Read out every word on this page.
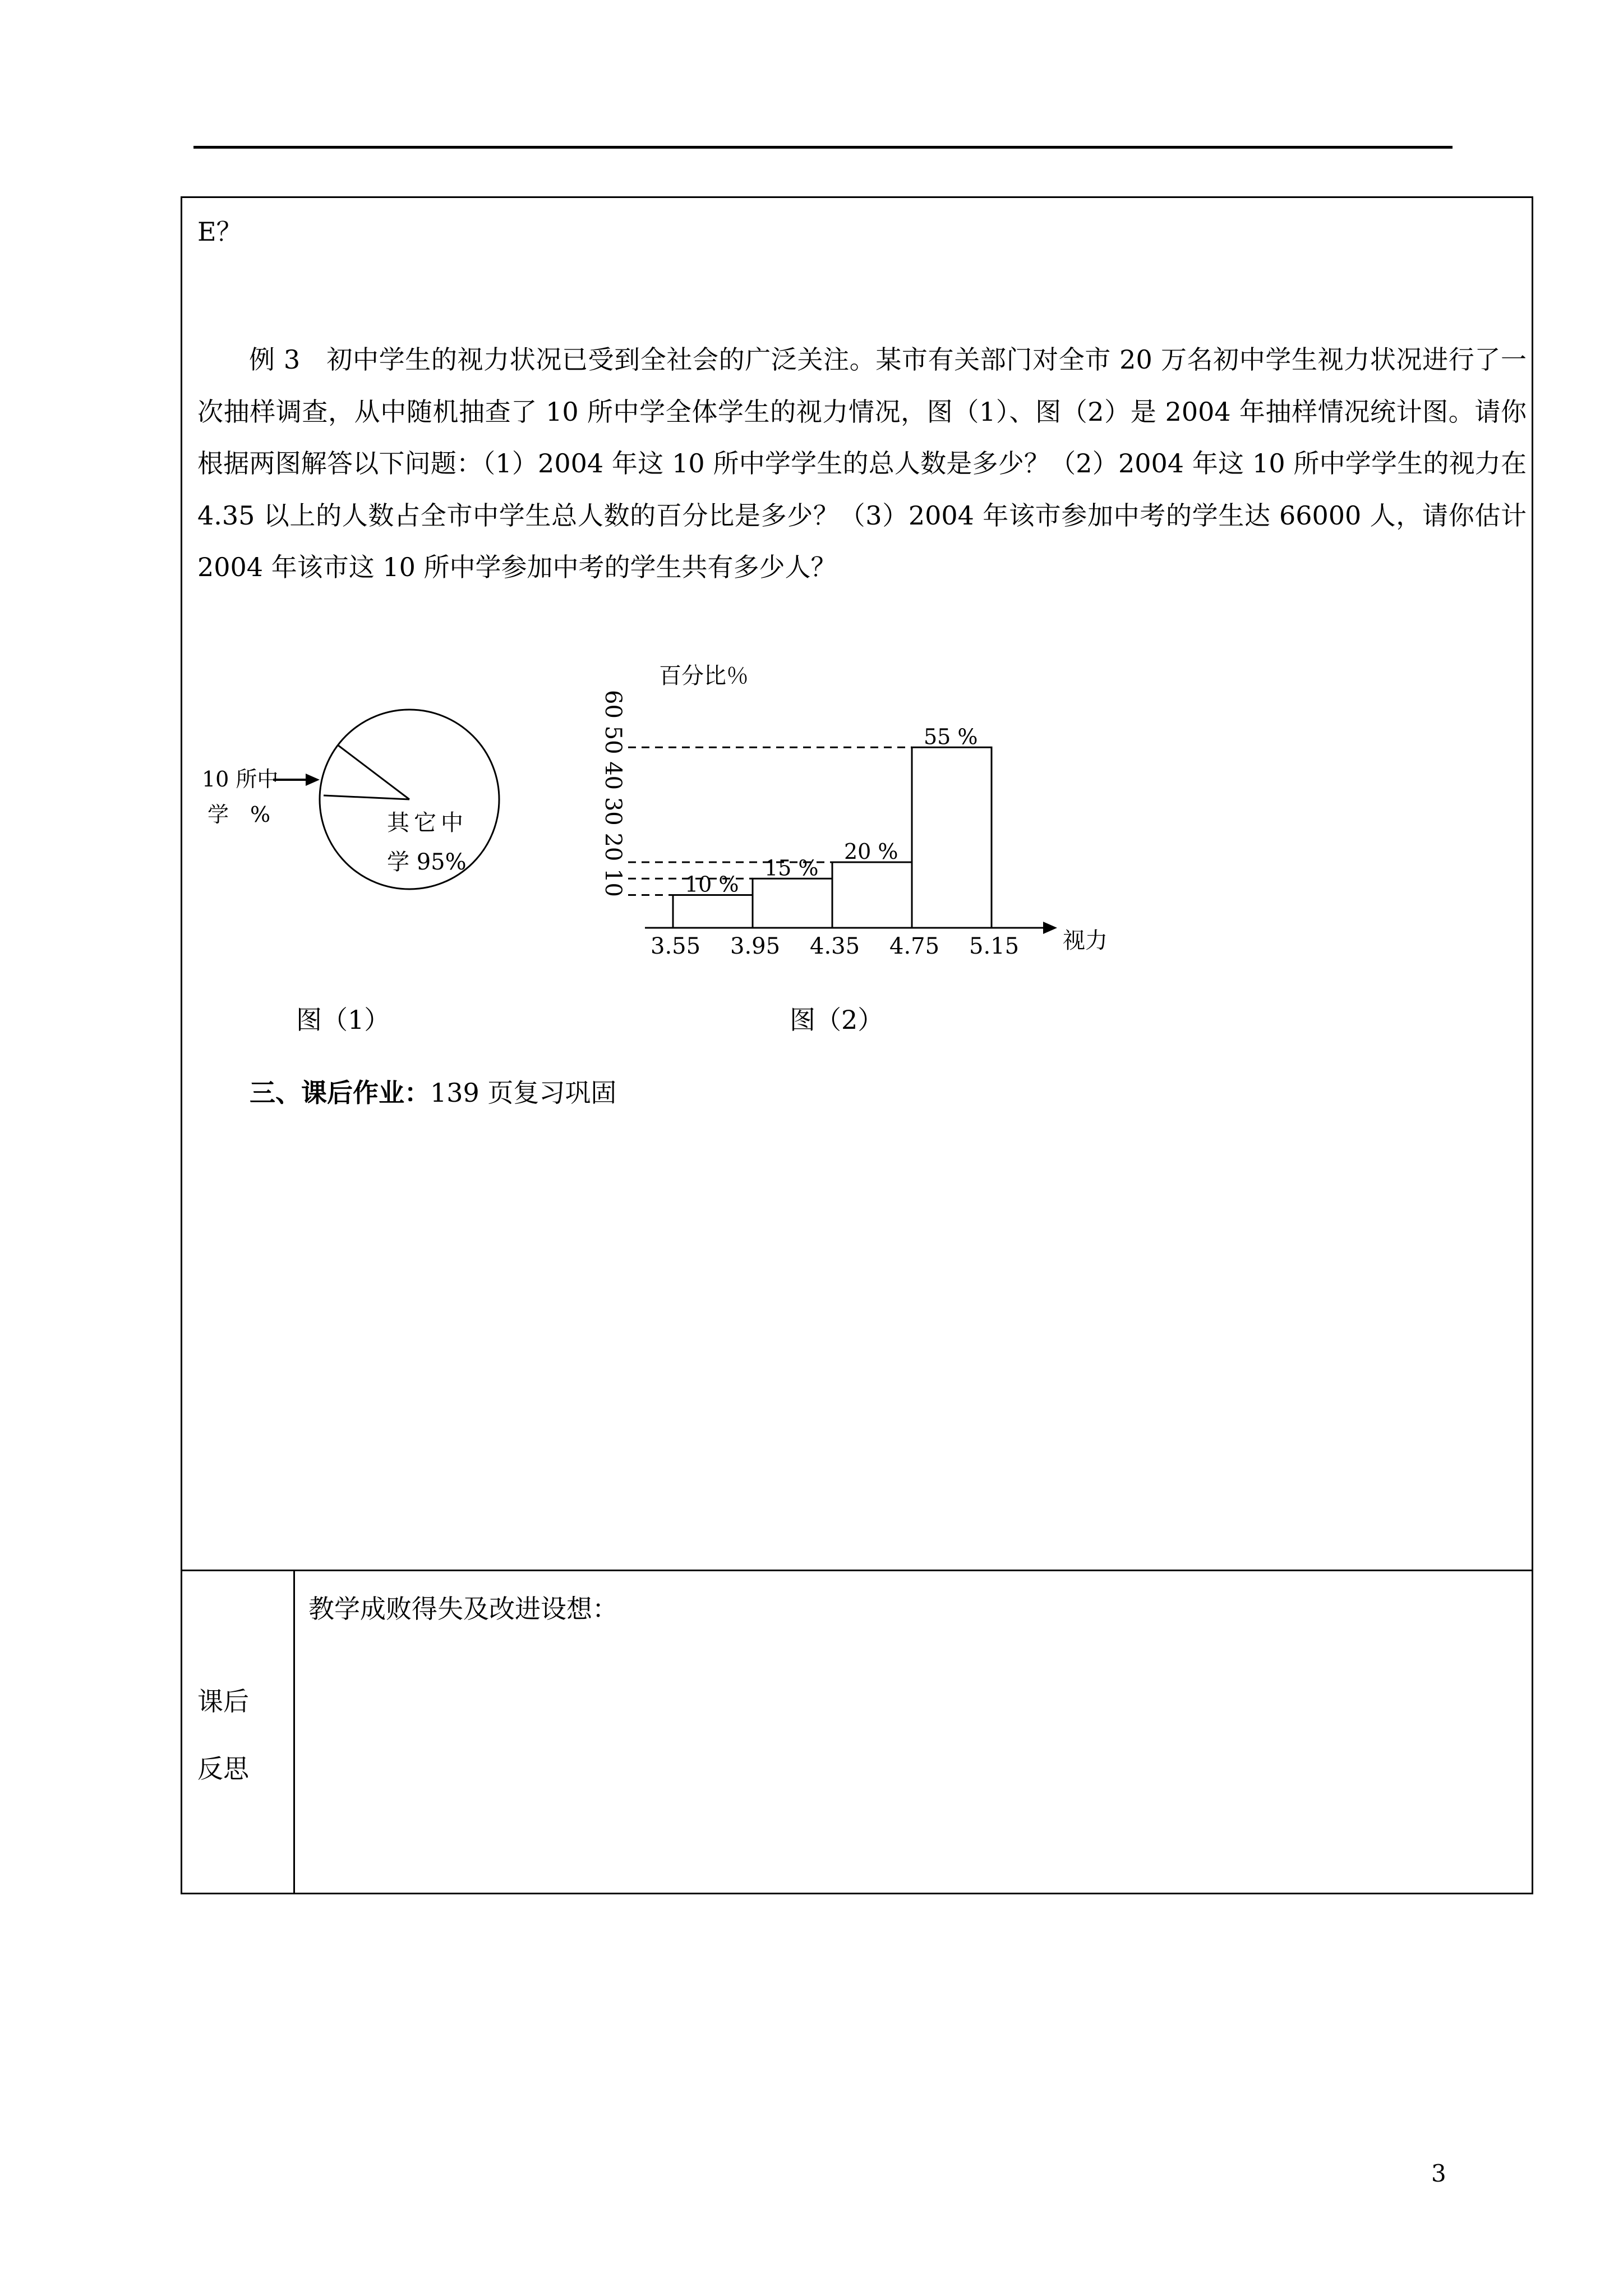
E？
例 3　初中学生的视力状况已受到全社会的广泛关注。某市有关部门对全市 20 万名初中学生视力状况进行了一次抽样调查，从中随机抽查了 10 所中学全体学生的视力情况，图（1）、图（2）是 2004 年抽样情况统计图。请你根据两图解答以下问题：（1）2004 年这 10 所中学学生的总人数是多少？（2）2004 年这 10 所中学学生的视力在 4.35 以上的人数占全市中学生总人数的百分比是多少？（3）2004 年该市参加中考的学生达 66000 人，请你估计 2004 年该市这 10 所中学参加中考的学生共有多少人？
10 所中
学　%	其它中
学 95%
百分比％
60 50 40 30 20 10	10 %
15 %
20 %
55 %
3.55 3.95 4.35 4.75 5.15 视力
图（1）	图（2）
三、课后作业：139 页复习巩固
教学成败得失及改进设想：
课后
反思
3
